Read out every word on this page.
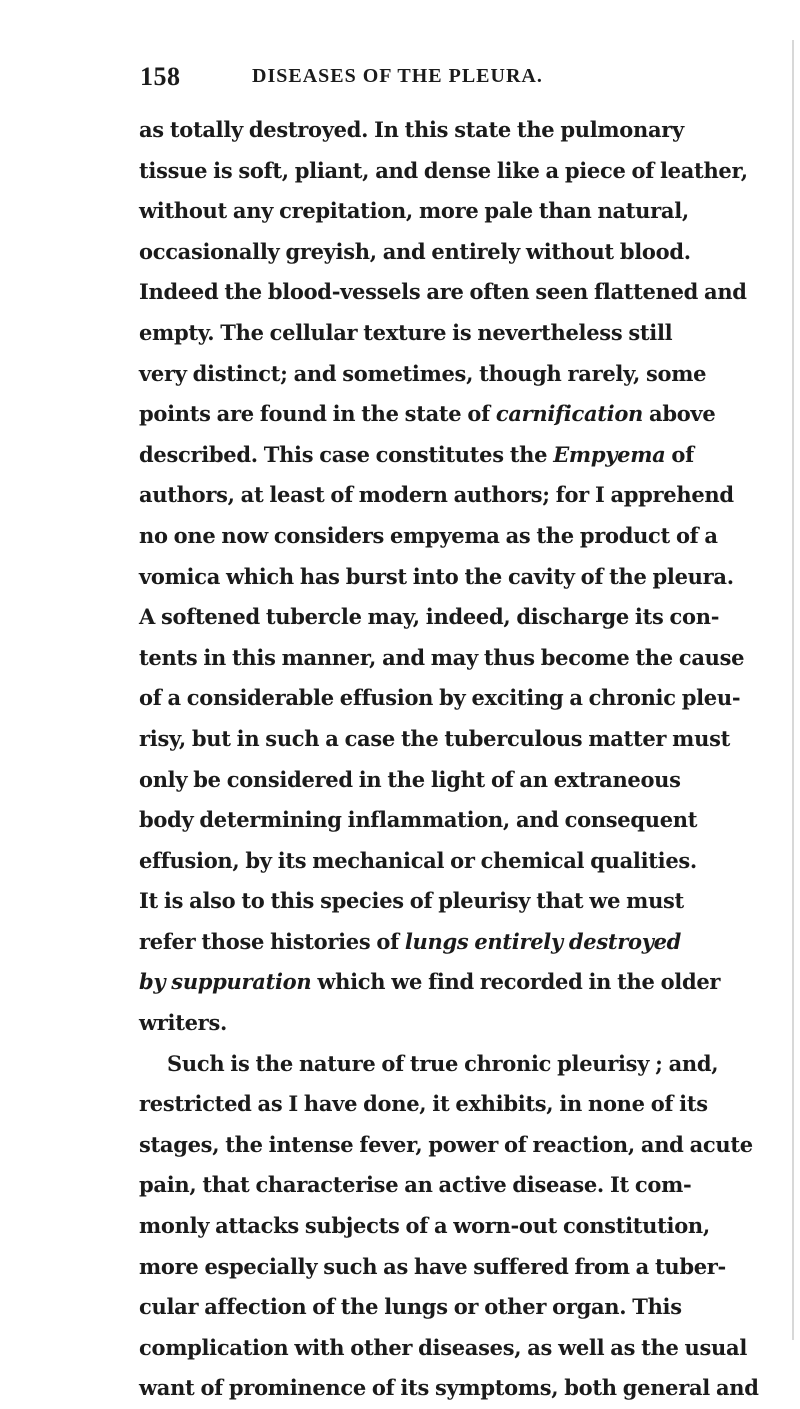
158	DISEASES OF THE PLEURA.
as totally destroyed. In this state the pulmonary
tissue is soft, pliant, and dense like a piece of leather,
without any crepitation, more pale than natural,
occasionally greyish, and entirely without blood.
Indeed the blood-vessels are often seen flattened and
empty. The cellular texture is nevertheless still
very distinct; and sometimes, though rarely, some
points are found in the state of carnification above
described. This case constitutes the Empyema of
authors, at least of modern authors; for I apprehend
no one now considers empyema as the product of a
vomica which has burst into the cavity of the pleura.
A softened tubercle may, indeed, discharge its con-
tents in this manner, and may thus become the cause
of a considerable effusion by exciting a chronic pleu-
risy, but in such a case the tuberculous matter must
only be considered in the light of an extraneous
body determining inflammation, and consequent
effusion, by its mechanical or chemical qualities.
It is also to this species of pleurisy that we must
refer those histories of lungs entirely destroyed
by suppuration which we find recorded in the older
writers.
Such is the nature of true chronic pleurisy ; and,
restricted as I have done, it exhibits, in none of its
stages, the intense fever, power of reaction, and acute
pain, that characterise an active disease. It com-
monly attacks subjects of a worn-out constitution,
more especially such as have suffered from a tuber-
cular affection of the lungs or other organ. This
complication with other diseases, as well as the usual
want of prominence of its symptoms, both general and
